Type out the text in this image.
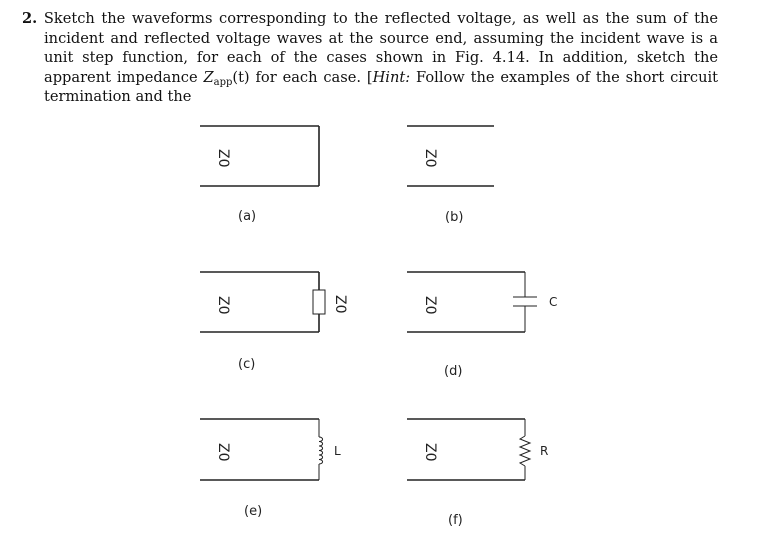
2. Sketch the waveforms corresponding to the reflected voltage, as well as the sum of the incident and reflected voltage waves at the source end, assuming the incident wave is a unit step function, for each of the cases shown in Fig. 4.14. In addition, sketch the apparent impedance $Z_{app}(t)$ for each case. [Hint: Follow the examples of the short circuit termination and the
Z0
(a)
Z0
(b)
Z0	Z0
(c)
Z0	C
(d)
Z0	L
(e)
Z0	R
(f)
